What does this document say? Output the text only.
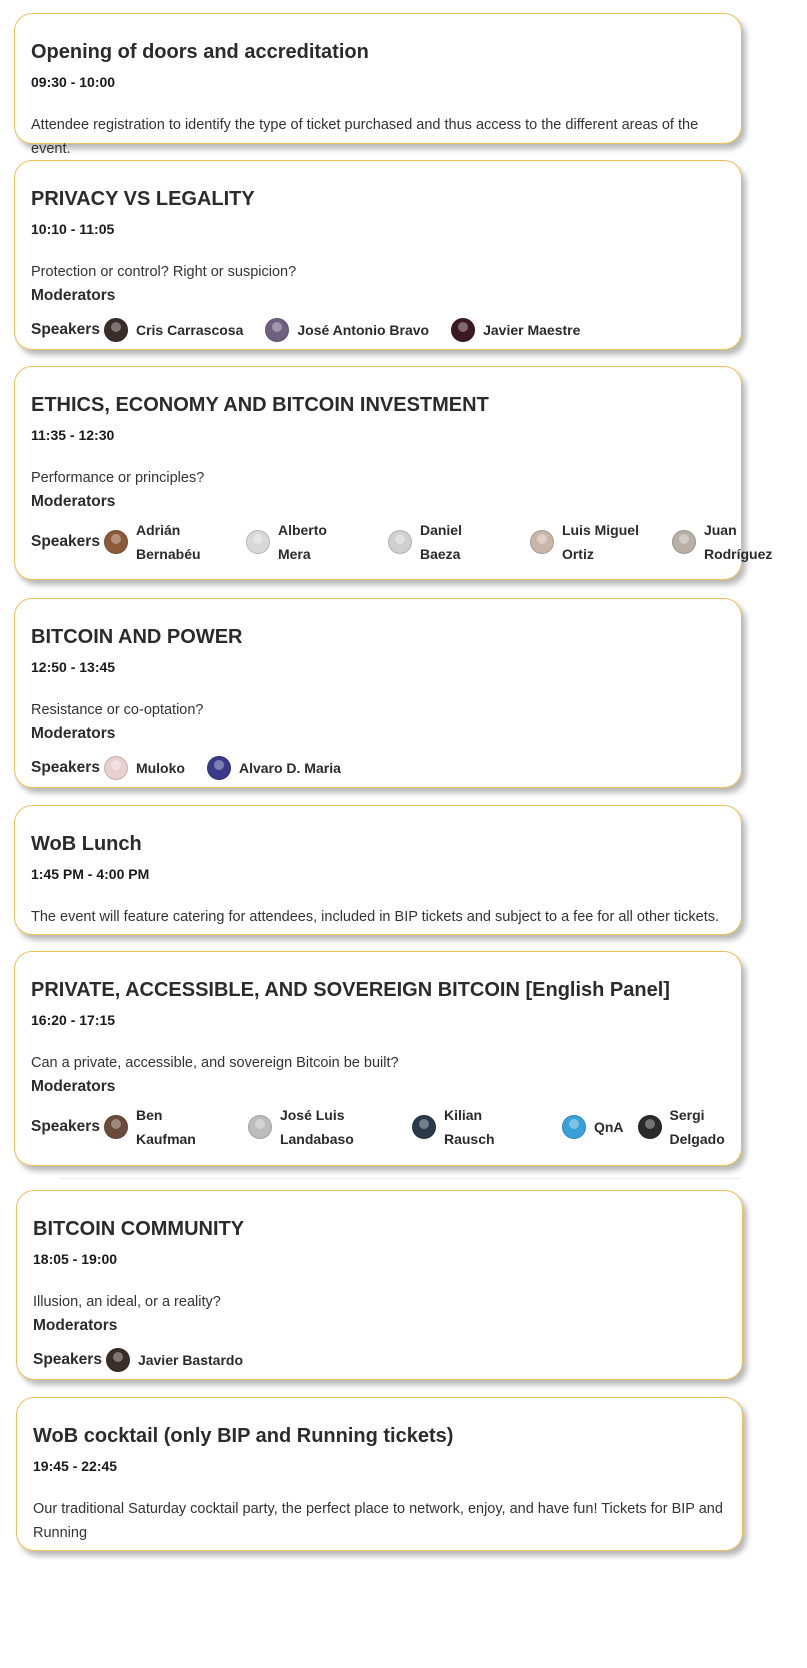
Opening of doors and accreditation
09:30 - 10:00
Attendee registration to identify the type of ticket purchased and thus access to the different areas of the event.
PRIVACY VS LEGALITY
10:10 - 11:05
Protection or control? Right or suspicion?
Moderators
Speakers	Cris Carrascosa	José Antonio Bravo	Javier Maestre
ETHICS, ECONOMY AND BITCOIN INVESTMENT
11:35 - 12:30
Performance or principles?
Moderators
Speakers
Adrián Bernabéu
Alberto Mera
Daniel Baeza
Luis Miguel Ortiz
Juan Rodríguez
BITCOIN AND POWER
12:50 - 13:45
Resistance or co-optation?
Moderators
Speakers	Muloko	Alvaro D. Maria
WoB Lunch
1:45 PM - 4:00 PM
The event will feature catering for attendees, included in BIP tickets and subject to a fee for all other tickets.
PRIVATE, ACCESSIBLE, AND SOVEREIGN BITCOIN [English Panel]
16:20 - 17:15
Can a private, accessible, and sovereign Bitcoin be built?
Moderators
Speakers
Ben Kaufman
José Luis Landabaso
Kilian Rausch
QnA
Sergi Delgado
BITCOIN COMMUNITY
18:05 - 19:00
Illusion, an ideal, or a reality?
Moderators
Speakers	Javier Bastardo
WoB cocktail (only BIP and Running tickets)
19:45 - 22:45
Our traditional Saturday cocktail party, the perfect place to network, enjoy, and have fun! Tickets for BIP and Running
